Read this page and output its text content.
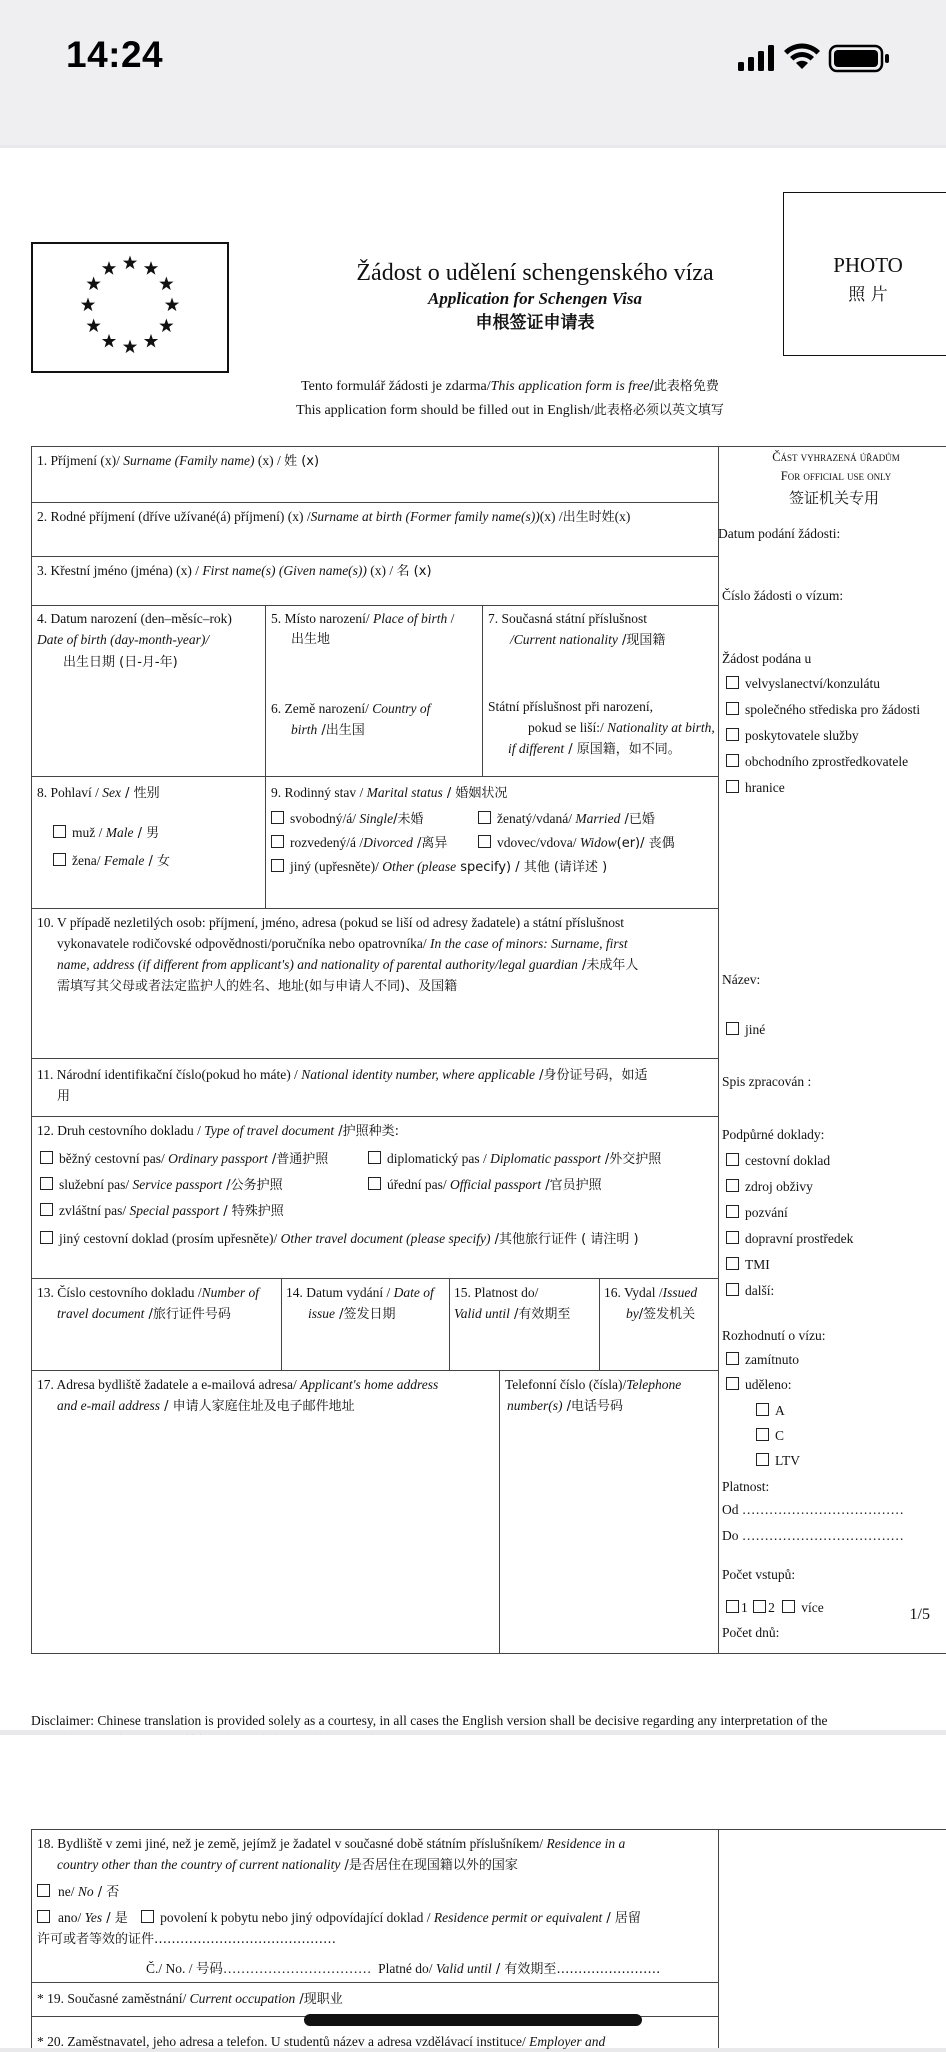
14:24
Žádost o udělení schengenského víza
Application for Schengen Visa
申根签证申请表
PHOTO
照 片
Tento formulář žádosti je zdarma/This application form is free/此表格免费
This application form should be filled out in English/此表格必须以英文填写
1. Příjmení (x)/ Surname (Family name) (x) / 姓 (x)
2. Rodné příjmení (dříve užívané(á) příjmení) (x) /Surname at birth (Former family name(s))(x) /出生时姓(x)
3. Křestní jméno (jména) (x) / First name(s) (Given name(s)) (x) / 名 (x)
4. Datum narození (den–měsíc–rok)
Date of birth (day-month-year)/
出生日期 (日-月-年)
5. Místo narození/ Place of birth /
出生地
6. Země narození/ Country of
birth /出生国
7. Současná státní příslušnost
/Current nationality /现国籍
Státní příslušnost při narození,
pokud se liší:/ Nationality at birth,
if different / 原国籍，如不同。
8. Pohlaví / Sex / 性别
muž / Male / 男
žena/ Female / 女
9. Rodinný stav / Marital status / 婚姻状况
svobodný/á/ Single/未婚	ženatý/vdaná/ Married /已婚
rozvedený/á /Divorced /离异	vdovec/vdova/ Widow(er)/ 丧偶
jiný (upřesněte)/ Other (please specify) / 其他 (请详述 )
10. V případě nezletilých osob: příjmení, jméno, adresa (pokud se liší od adresy žadatele) a státní příslušnost
vykonavatele rodičovské odpovědnosti/poručníka nebo opatrovníka/ In the case of minors: Surname, first
name, address (if different from applicant's) and nationality of parental authority/legal guardian /未成年人
需填写其父母或者法定监护人的姓名、地址(如与申请人不同)、及国籍
11. Národní identifikační číslo(pokud ho máte) / National identity number, where applicable /身份证号码，如适
用
12. Druh cestovního dokladu / Type of travel document /护照种类:
běžný cestovní pas/ Ordinary passport /普通护照	diplomatický pas / Diplomatic passport /外交护照
služební pas/ Service passport /公务护照	úřední pas/ Official passport /官员护照
zvláštní pas/ Special passport / 特殊护照
jiný cestovní doklad (prosím upřesněte)/ Other travel document (please specify) /其他旅行证件 ( 请注明 )
13. Číslo cestovního dokladu /Number of
travel document /旅行证件号码
14. Datum vydání / Date of
issue /签发日期
15. Platnost do/
Valid until /有效期至
16. Vydal /Issued
by/签发机关
17. Adresa bydliště žadatele a e-mailová adresa/ Applicant's home address
and e-mail address / 申请人家庭住址及电子邮件地址
Telefonní číslo (čísla)/Telephone
number(s) /电话号码
Část vyhrazená úřadům
For official use only
签证机关专用
Datum podání žádosti:
Číslo žádosti o vízum:
Žádost podána u
velvyslanectví/konzulátu
společného střediska pro žádosti
poskytovatele služby
obchodního zprostředkovatele
hranice
Název:
jiné
Spis zpracován :
Podpůrné doklady:
cestovní doklad
zdroj obživy
pozvání
dopravní prostředek
TMI
další:
Rozhodnutí o vízu:
zamítnuto
uděleno:
A
C
LTV
Platnost:
Od ………………………………
Do ………………………………
Počet vstupů:
1 2 více
Počet dnů:
Disclaimer: Chinese translation is provided solely as a courtesy, in all cases the English version shall be decisive regarding any interpretation of the
1/5
18. Bydliště v zemi jiné, než je země, jejímž je žadatel v současné době státním příslušníkem/ Residence in a
country other than the country of current nationality /是否居住在现国籍以外的国家
ne/ No / 否
ano/ Yes / 是 povolení k pobytu nebo jiný odpovídající doklad / Residence permit or equivalent / 居留
许可或者等效的证件……………………………………
Č./ No. / 号码…………………………… Platné do/ Valid until / 有效期至……………………
* 19. Současné zaměstnání/ Current occupation /现职业
* 20. Zaměstnavatel, jeho adresa a telefon. U studentů název a adresa vzdělávací instituce/ Employer and
